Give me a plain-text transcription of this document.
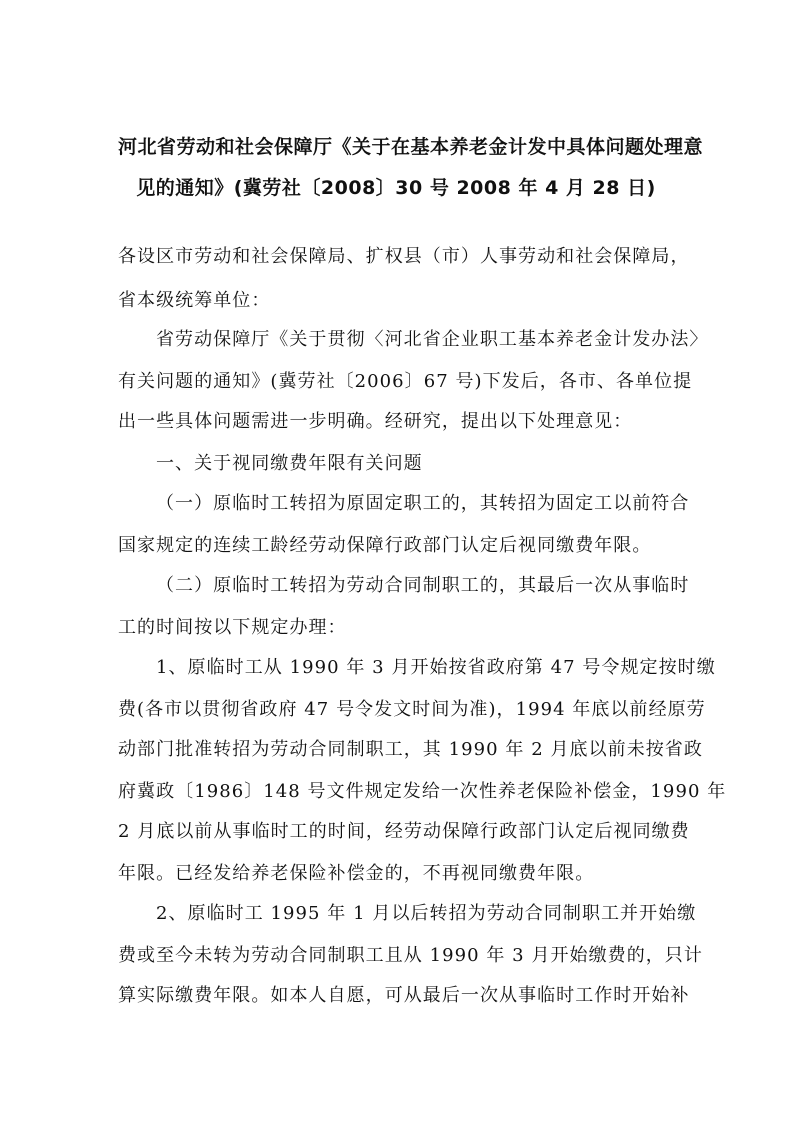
河北省劳动和社会保障厅《关于在基本养老金计发中具体问题处理意
见的通知》(冀劳社〔2008〕30 号 2008 年 4 月 28 日)
各设区市劳动和社会保障局、扩权县（市）人事劳动和社会保障局，
省本级统筹单位：
省劳动保障厅《关于贯彻〈河北省企业职工基本养老金计发办法〉
有关问题的通知》(冀劳社〔2006〕67 号)下发后，各市、各单位提
出一些具体问题需进一步明确。经研究，提出以下处理意见：
一、关于视同缴费年限有关问题
（一）原临时工转招为原固定职工的，其转招为固定工以前符合
国家规定的连续工龄经劳动保障行政部门认定后视同缴费年限。
（二）原临时工转招为劳动合同制职工的，其最后一次从事临时
工的时间按以下规定办理：
1、原临时工从 1990 年 3 月开始按省政府第 47 号令规定按时缴
费(各市以贯彻省政府 47 号令发文时间为准)，1994 年底以前经原劳
动部门批准转招为劳动合同制职工，其 1990 年 2 月底以前未按省政
府冀政〔1986〕148 号文件规定发给一次性养老保险补偿金，1990 年
2 月底以前从事临时工的时间，经劳动保障行政部门认定后视同缴费
年限。已经发给养老保险补偿金的，不再视同缴费年限。
2、原临时工 1995 年 1 月以后转招为劳动合同制职工并开始缴
费或至今未转为劳动合同制职工且从 1990 年 3 月开始缴费的，只计
算实际缴费年限。如本人自愿，可从最后一次从事临时工作时开始补
